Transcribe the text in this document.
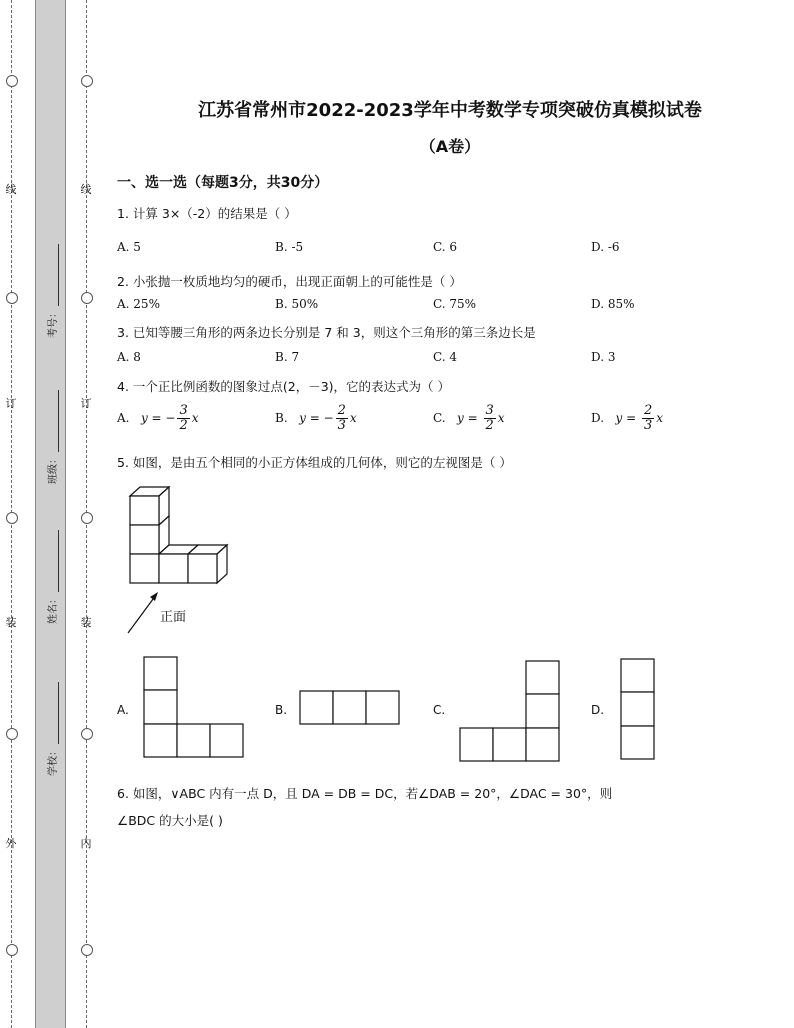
线
订
装
外
线
订
装
内
考号：
班级：
姓名：
学校：
江苏省常州市2022-2023学年中考数学专项突破仿真模拟试卷
（A卷）
一、选一选（每题3分，共30分）
1. 计算 3×（-2）的结果是（ ）
A. 5	B. -5	C. 6	D. -6
2. 小张抛一枚质地均匀的硬币，出现正面朝上的可能性是（ ）
A. 25%	B. 50%	C. 75%	D. 85%
3. 已知等腰三角形的两条边长分别是 7 和 3，则这个三角形的第三条边长是
A. 8	B. 7	C. 4	D. 3
4. 一个正比例函数的图象过点(2，－3)，它的表达式为（ ）
A. y = − $\frac{3}{2}$ x	B. y = − $\frac{2}{3}$ x	C. $y = \frac{3}{2}$ x	D. $y = \frac{2}{3}$ x
5. 如图，是由五个相同的小正方体组成的几何体，则它的左视图是（ ）
正面
A.	B.	C.	D.
6. 如图，∨ABC 内有一点 D，且 DA = DB = DC，若∠DAB = 20°，∠DAC = 30°，则
∠BDC 的大小是( )
